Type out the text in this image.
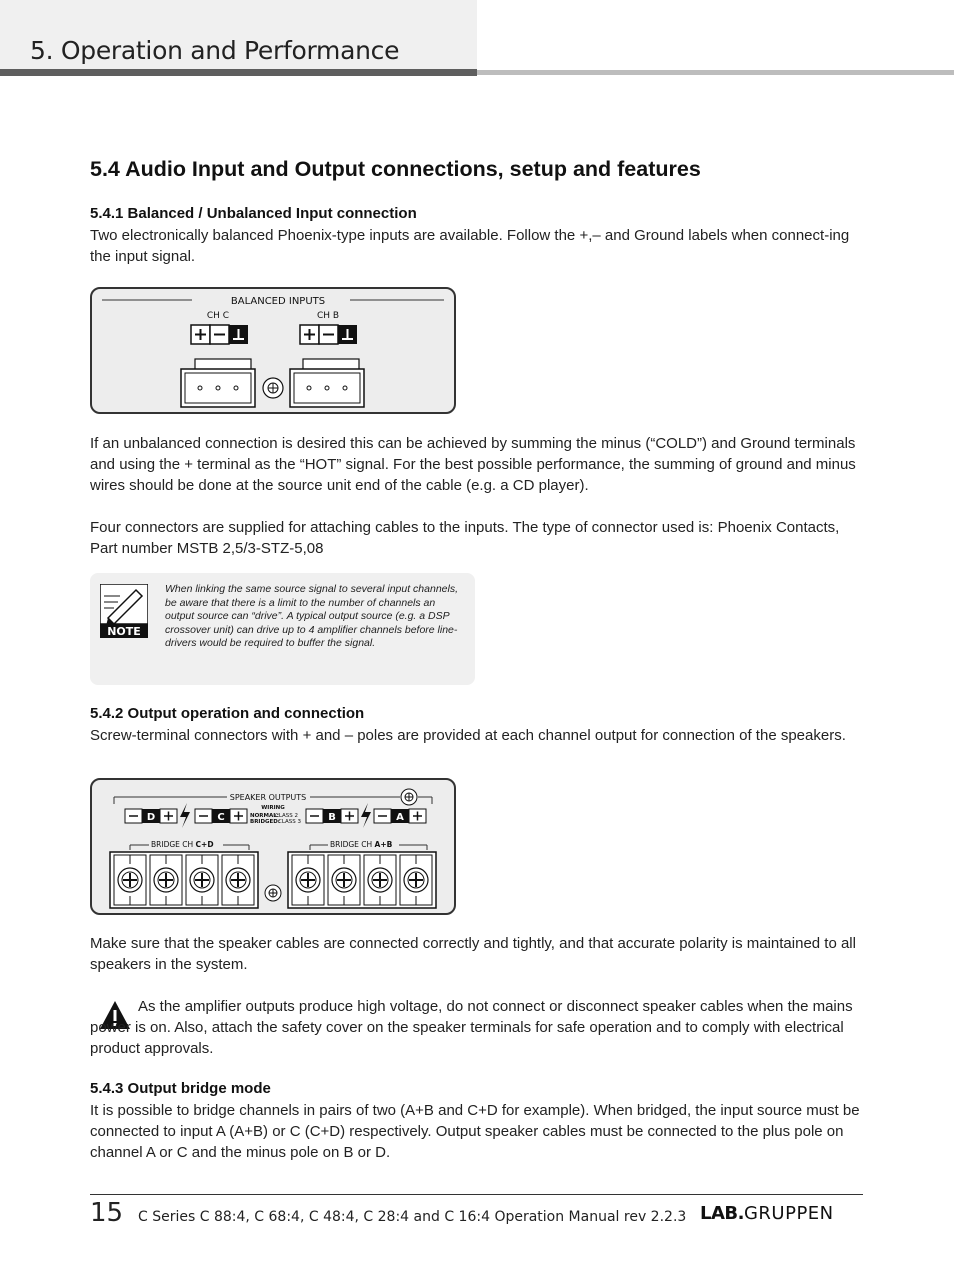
5. Operation and Performance
5.4 Audio Input and Output connections, setup and features
5.4.1 Balanced / Unbalanced Input connection
Two electronically balanced Phoenix-type inputs are available. Follow the +,– and Ground labels when connect-ing the input signal.
BALANCED INPUTS
CH C	CH B
If an unbalanced connection is desired this can be achieved by summing the minus (“COLD”) and Ground terminals and using the + terminal as the “HOT” signal. For the best possible performance, the summing of ground and minus wires should be done at the source unit end of the cable (e.g. a CD player).
Four connectors are supplied for attaching cables to the inputs. The type of connector used is: Phoenix Contacts, Part number MSTB 2,5/3-STZ-5,08
NOTE
When linking the same source signal to several input channels, be aware that there is a limit to the number of channels an output source can “drive”. A typical output source (e.g. a DSP crossover unit) can drive up to 4 amplifier channels before line-drivers would be required to buffer the signal.
5.4.2 Output operation and connection
Screw-terminal connectors with + and – poles are provided at each channel output for connection of the speakers.
SPEAKER OUTPUTS
D	C
WIRING
NORMAL:
CLASS 2
BRIDGED:
CLASS 3	B	A
BRIDGE CH C+D	BRIDGE CH A+B
Make sure that the speaker cables are connected correctly and tightly, and that accurate polarity is maintained to all speakers in the system.
As the amplifier outputs produce high voltage, do not connect or disconnect speaker cables when the mains power is on. Also, attach the safety cover on the speaker terminals for safe operation and to comply with electrical product approvals.
5.4.3 Output bridge mode
It is possible to bridge channels in pairs of two (A+B and C+D for example). When bridged, the input source must be connected to input A (A+B) or C (C+D) respectively. Output speaker cables must be connected to the plus pole on channel A or C and the minus pole on B or D.
15 C Series C 88:4, C 68:4, C 48:4, C 28:4 and C 16:4 Operation Manual rev 2.2.3 LAB.GRUPPEN
